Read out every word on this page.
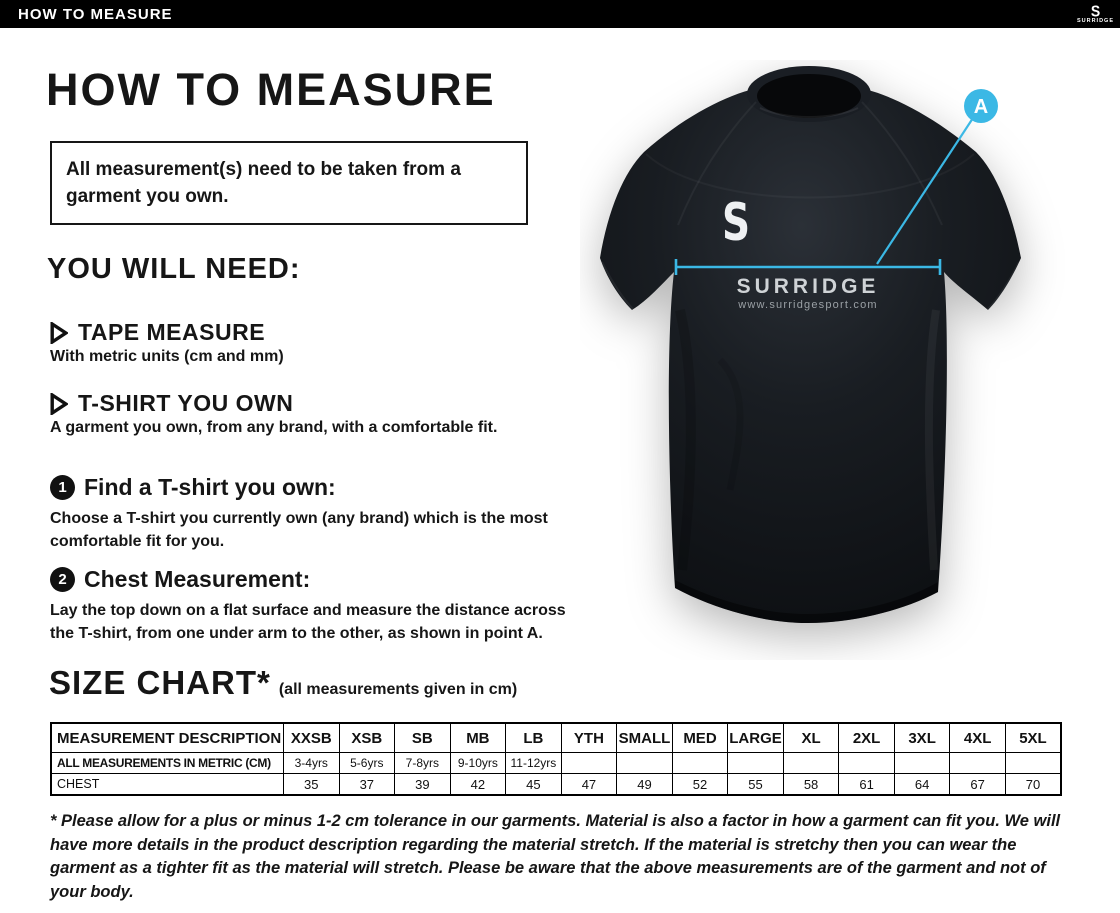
HOW TO MEASURE	S
SURRIDGE
HOW TO MEASURE
All measurement(s) need to be taken from a garment you own.
YOU WILL NEED:
TAPE MEASURE
With metric units (cm and mm)
T-SHIRT YOU OWN
A garment you own, from any brand, with a comfortable fit.
1 Find a T-shirt you own:
Choose a T-shirt you currently own (any brand) which is the most comfortable fit for you.
2 Chest Measurement:
Lay the top down on a flat surface and measure the distance across the T-shirt, from one under arm to the other, as shown in point A.
SIZE CHART* (all measurements given in cm)
MEASUREMENT DESCRIPTION	XXSB	XSB	SB	MB	LB	YTH	SMALL	MED	LARGE	XL	2XL	3XL	4XL	5XL
ALL MEASUREMENTS IN METRIC (CM)	3-4yrs	5-6yrs	7-8yrs	9-10yrs	11-12yrs									
CHEST	35	37	39	42	45	47	49	52	55	58	61	64	67	70
* Please allow for a plus or minus 1-2 cm tolerance in our garments. Material is also a factor in how a garment can fit you. We will have more details in the product description regarding the material stretch. If the material is stretchy then you can wear the garment as a tighter fit as the material will stretch. Please be aware that the above measurements are of the garment and not of your body.
S
SURRIDGE
www.surridgesport.com
A
